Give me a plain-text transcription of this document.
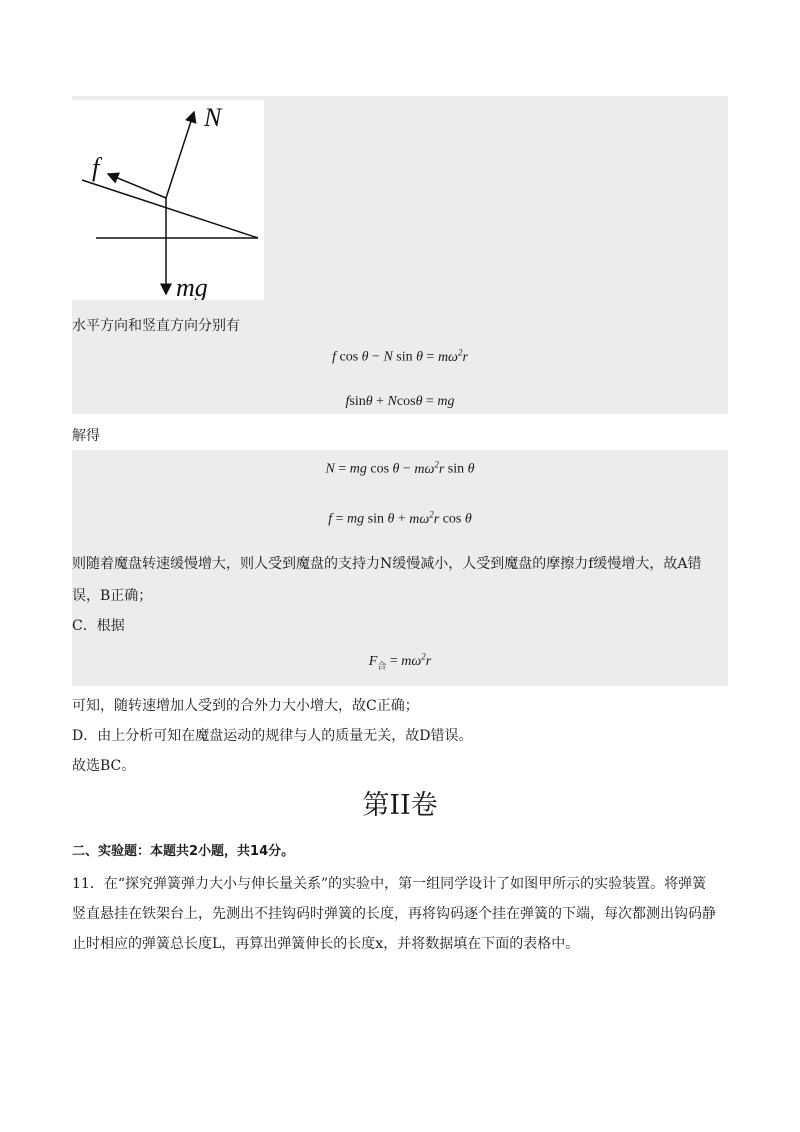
N
f
mg
水平方向和竖直方向分别有
f cos θ − N $\sin \theta = m\omega^2r$
fsinθ + Ncosθ = mg
解得
N = mg $\cos \theta - m\omega^2r$ sin θ
f = mg $\sin \theta + m\omega^2r$ cos θ
则随着魔盘转速缓慢增大，则人受到魔盘的支持力N缓慢减小，人受到魔盘的摩擦力f缓慢增大，故A错
误，B正确；
C．根据
$F_合 = m\omega^2r$
可知，随转速增加人受到的合外力大小增大，故C正确；
D．由上分析可知在魔盘运动的规律与人的质量无关，故D错误。
故选BC。
第II卷
二、实验题：本题共2小题，共14分。
11．在“探究弹簧弹力大小与伸长量关系”的实验中，第一组同学设计了如图甲所示的实验装置。将弹簧
竖直悬挂在铁架台上，先测出不挂钩码时弹簧的长度，再将钩码逐个挂在弹簧的下端，每次都测出钩码静
止时相应的弹簧总长度L，再算出弹簧伸长的长度x，并将数据填在下面的表格中。
